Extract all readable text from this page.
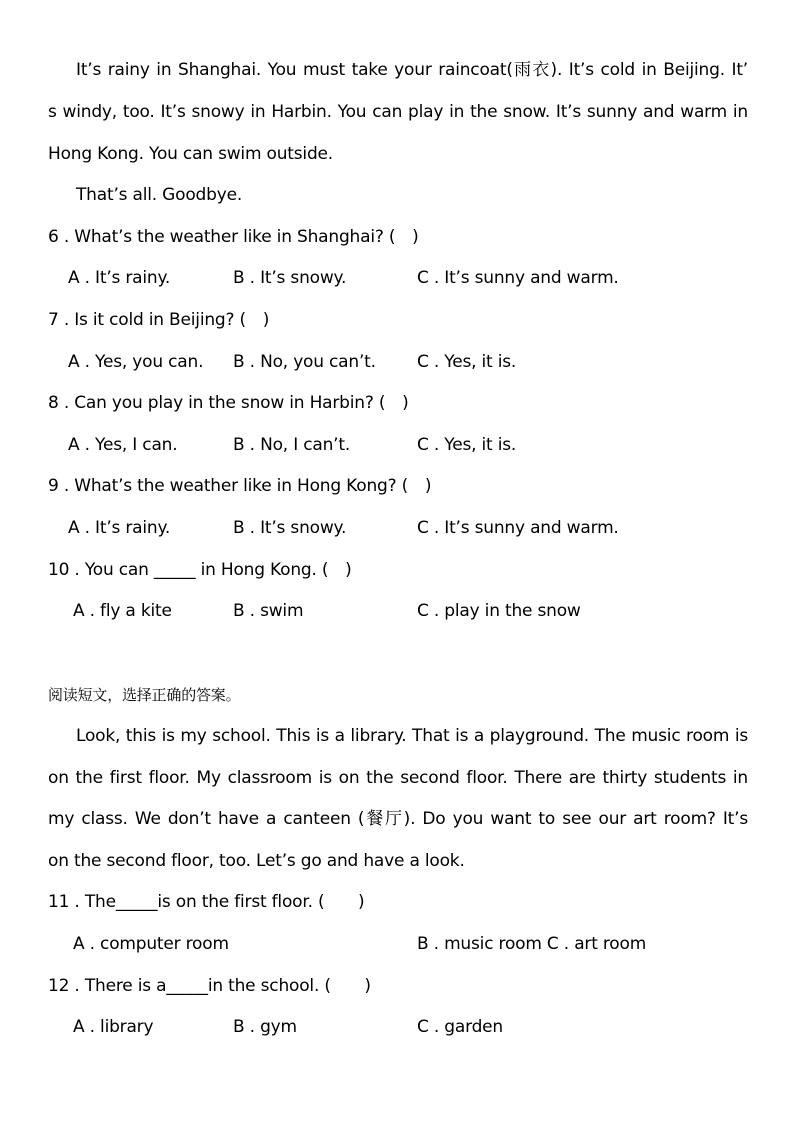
It’s rainy in Shanghai. You must take your raincoat(雨衣). It’s cold in Beijing. It’
s windy, too. It’s snowy in Harbin. You can play in the snow. It’s sunny and warm in
Hong Kong. You can swim outside.
That’s all. Goodbye.
6 . What’s the weather like in Shanghai? (　)
A . It’s rainy.	B . It’s snowy.	C . It’s sunny and warm.
7 . Is it cold in Beijing? (　)
A . Yes, you can. B . No, you can’t. C . Yes, it is.
8 . Can you play in the snow in Harbin? (　)
A . Yes, I can.	B . No, I can’t.	C . Yes, it is.
9 . What’s the weather like in Hong Kong? (　)
A . It’s rainy.	B . It’s snowy.	C . It’s sunny and warm.
10 . You can _____ in Hong Kong. (　)
A . fly a kite	B . swim	C . play in the snow
阅读短文，选择正确的答案。
Look, this is my school. This is a library. That is a playground. The music room is
on the first floor. My classroom is on the second floor. There are thirty students in
my class. We don’t have a canteen (餐厅). Do you want to see our art room? It’s
on the second floor, too. Let’s go and have a look.
11 . The_____is on the first floor. (　　)
A . computer room	B . music room C . art room
12 . There is a_____in the school. (　　)
A . library	B . gym	C . garden
